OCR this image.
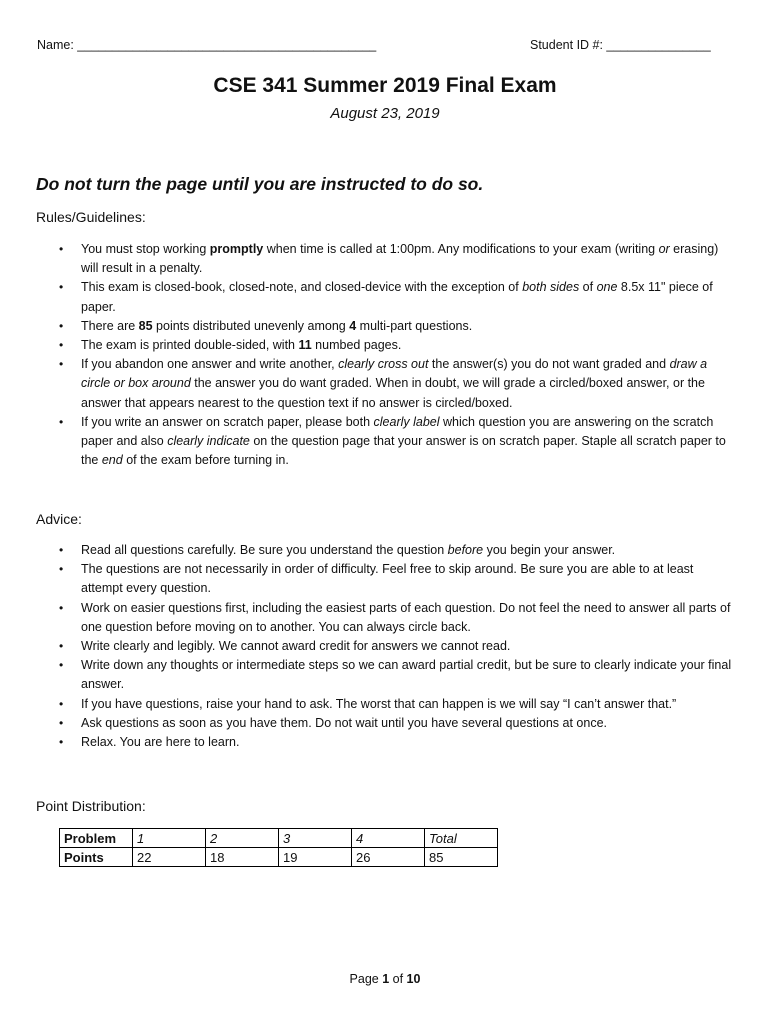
Name: ___________________________________________	Student ID #: _______________
CSE 341 Summer 2019 Final Exam
August 23, 2019
Do not turn the page until you are instructed to do so.
Rules/Guidelines:
• You must stop working promptly when time is called at 1:00pm. Any modifications to your exam (writing or erasing) will result in a penalty.
• This exam is closed-book, closed-note, and closed-device with the exception of both sides of one 8.5x 11" piece of paper.
• There are 85 points distributed unevenly among 4 multi-part questions.
• The exam is printed double-sided, with 11 numbed pages.
• If you abandon one answer and write another, clearly cross out the answer(s) you do not want graded and draw a circle or box around the answer you do want graded. When in doubt, we will grade a circled/boxed answer, or the answer that appears nearest to the question text if no answer is circled/boxed.
• If you write an answer on scratch paper, please both clearly label which question you are answering on the scratch paper and also clearly indicate on the question page that your answer is on scratch paper. Staple all scratch paper to the end of the exam before turning in.
Advice:
• Read all questions carefully. Be sure you understand the question before you begin your answer.
• The questions are not necessarily in order of difficulty. Feel free to skip around. Be sure you are able to at least attempt every question.
• Work on easier questions first, including the easiest parts of each question. Do not feel the need to answer all parts of one question before moving on to another. You can always circle back.
• Write clearly and legibly. We cannot award credit for answers we cannot read.
• Write down any thoughts or intermediate steps so we can award partial credit, but be sure to clearly indicate your final answer.
• If you have questions, raise your hand to ask. The worst that can happen is we will say “I can’t answer that.”
• Ask questions as soon as you have them. Do not wait until you have several questions at once.
• Relax. You are here to learn.
Point Distribution:
Problem	1	2	3	4	Total
Points	22	18	19	26	85
Page 1 of 10
